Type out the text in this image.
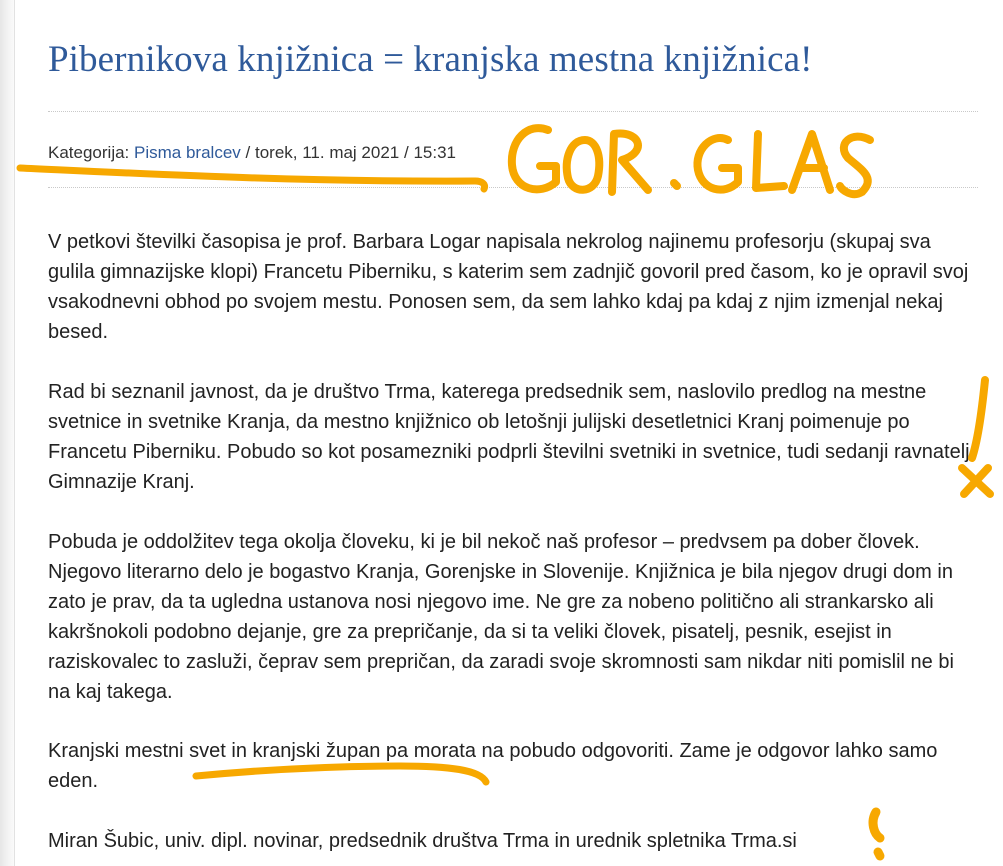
Pibernikova knjižnica = kranjska mestna knjižnica!
Kategorija: Pisma bralcev / torek, 11. maj 2021 / 15:31

V petkovi številki časopisa je prof. Barbara Logar napisala nekrolog najinemu profesorju (skupaj sva gulila gimnazijske klopi) Francetu Piberniku, s katerim sem zadnjič govoril pred časom, ko je opravil svoj vsakodnevni obhod po svojem mestu. Ponosen sem, da sem lahko kdaj pa kdaj z njim izmenjal nekaj besed.

Rad bi seznanil javnost, da je društvo Trma, katerega predsednik sem, naslovilo predlog na mestne svetnice in svetnike Kranja, da mestno knjižnico ob letošnji julijski desetletnici Kranj poimenuje po Francetu Piberniku. Pobudo so kot posamezniki podprli številni svetniki in svetnice, tudi sedanji ravnatelj Gimnazije Kranj.

Pobuda je oddolžitev tega okolja človeku, ki je bil nekoč naš profesor – predvsem pa dober človek. Njegovo literarno delo je bogastvo Kranja, Gorenjske in Slovenije. Knjižnica je bila njegov drugi dom in zato je prav, da ta ugledna ustanova nosi njegovo ime. Ne gre za nobeno politično ali strankarsko ali kakršnokoli podobno dejanje, gre za prepričanje, da si ta veliki človek, pisatelj, pesnik, esejist in raziskovalec to zasluži, čeprav sem prepričan, da zaradi svoje skromnosti sam nikdar niti pomislil ne bi na kaj takega.

Kranjski mestni svet in kranjski župan pa morata na pobudo odgovoriti. Zame je odgovor lahko samo eden.

Miran Šubic, univ. dipl. novinar, predsednik društva Trma in urednik spletnika Trma.si
